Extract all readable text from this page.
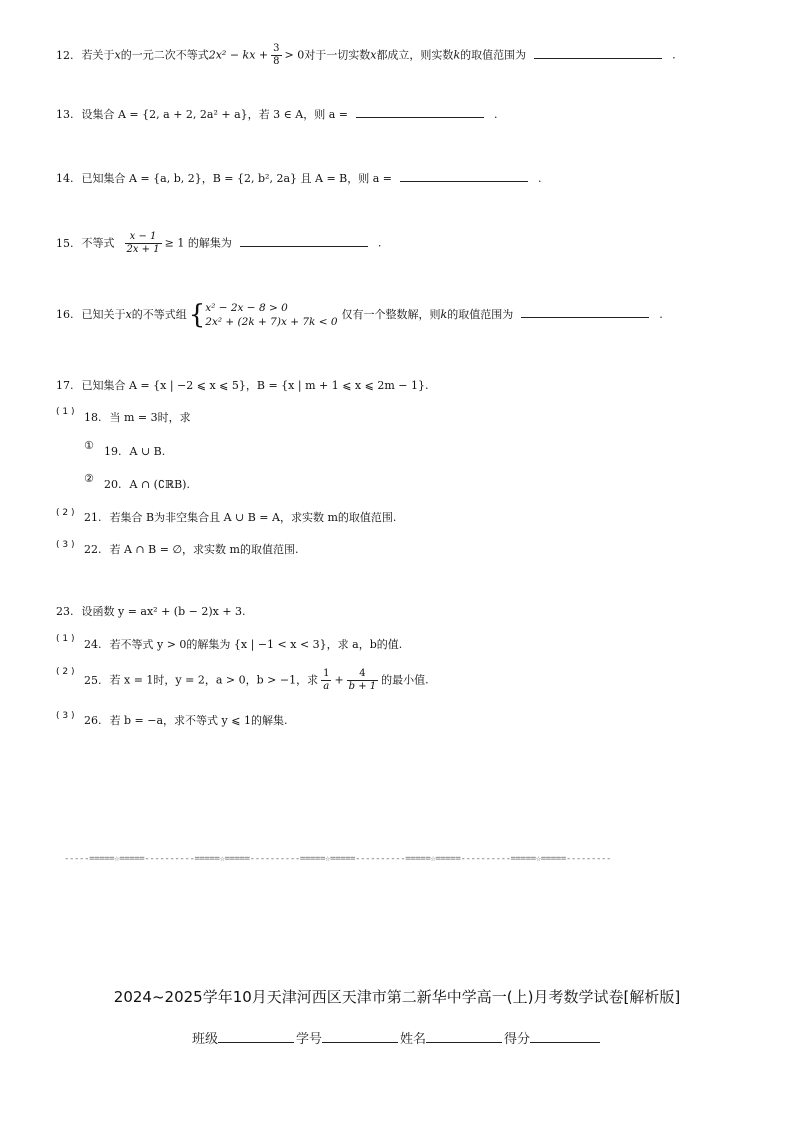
12. 若关于x的一元二次不等式2x² − kx + $\frac{3}{8} > 0$对于一切实数x都成立，则实数k的取值范围为	.
13. 设集合 A = {2, a + 2, 2a² + a}，若 3 ∈ A，则 a =	.
14. 已知集合 A = {a, b, 2}，B = {2, b², 2a} 且 A = B，则 a =	.
15. 不等式 $\frac{x - 1}{2x + 1} \ge 1$ 的解集为	.
16. 已知关于x的不等式组{ x² − 2x − 8 > 0
2x² + (2k + 7)x + 7k < 0
仅有一个整数解，则k的取值范围为	.
17. 已知集合 A = {x | −2 ⩽ x ⩽ 5}，B = {x | m + 1 ⩽ x ⩽ 2m − 1}.
( 1 ) 18. 当 m = 3时，求
① 19. A ∪ B.
② 20. A ∩ (∁ℝB).
( 2 ) 21. 若集合 B为非空集合且 A ∪ B = A，求实数 m的取值范围.
( 3 ) 22. 若 A ∩ B = ∅，求实数 m的取值范围.
23. 设函数 y = ax² + (b − 2)x + 3.
( 1 ) 24. 若不等式 y > 0的解集为 {x | −1 < x < 3}，求 a，b的值.
( 2 )
25. 若 x = 1时，y = 2，a > 0，b > −1，求 $\frac{1}{a} + \frac{4}{b + 1}$ 的最小值.
( 3 ) 26. 若 b = −a，求不等式 y ⩽ 1的解集.
-----=====☆=====----------=====☆=====----------=====☆=====----------=====☆=====----------=====☆=====---------
2024~2025学年10月天津河西区天津市第二新华中学高一(上)月考数学试卷[解析版]
班级	学号	姓名	得分
